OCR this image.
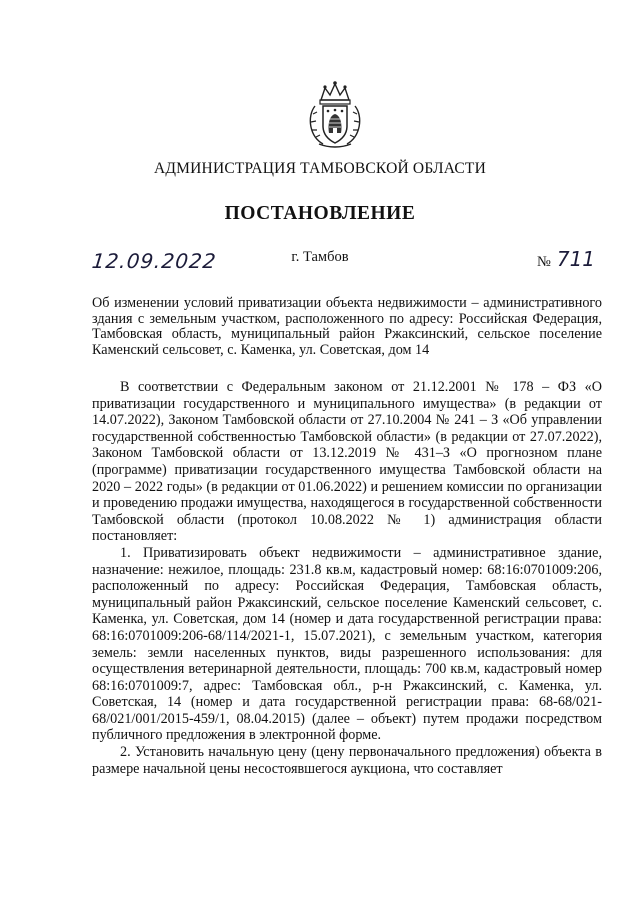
АДМИНИСТРАЦИЯ ТАМБОВСКОЙ ОБЛАСТИ
ПОСТАНОВЛЕНИЕ
12.09.2022	г. Тамбов	№ 711
Об изменении условий приватизации объекта недвижимости – административного здания с земельным участком, расположенного по адресу: Российская Федерация, Тамбовская область, муниципальный район Ржаксинский, сельское поселение Каменский сельсовет, с. Каменка, ул. Советская, дом 14

В соответствии с Федеральным законом от 21.12.2001 № 178 – ФЗ «О приватизации государственного и муниципального имущества» (в редакции от 14.07.2022), Законом Тамбовской области от 27.10.2004 № 241 – З «Об управлении государственной собственностью Тамбовской области» (в редакции от 27.07.2022), Законом Тамбовской области от 13.12.2019 № 431–З «О прогнозном плане (программе) приватизации государственного имущества Тамбовской области на 2020 – 2022 годы» (в редакции от 01.06.2022) и решением комиссии по организации и проведению продажи имущества, находящегося в государственной собственности Тамбовской области (протокол 10.08.2022 № 1) администрация области постановляет:

1. Приватизировать объект недвижимости – административное здание, назначение: нежилое, площадь: 231.8 кв.м, кадастровый номер: 68:16:0701009:206, расположенный по адресу: Российская Федерация, Тамбовская область, муниципальный район Ржаксинский, сельское поселение Каменский сельсовет, с. Каменка, ул. Советская, дом 14 (номер и дата государственной регистрации права: 68:16:0701009:206-68/114/2021-1, 15.07.2021), с земельным участком, категория земель: земли населенных пунктов, виды разрешенного использования: для осуществления ветеринарной деятельности, площадь: 700 кв.м, кадастровый номер 68:16:0701009:7, адрес: Тамбовская обл., р-н Ржаксинский, с. Каменка, ул. Советская, 14 (номер и дата государственной регистрации права: 68-68/021-68/021/001/2015-459/1, 08.04.2015) (далее – объект) путем продажи посредством публичного предложения в электронной форме.

2. Установить начальную цену (цену первоначального предложения) объекта в размере начальной цены несостоявшегося аукциона, что составляет
